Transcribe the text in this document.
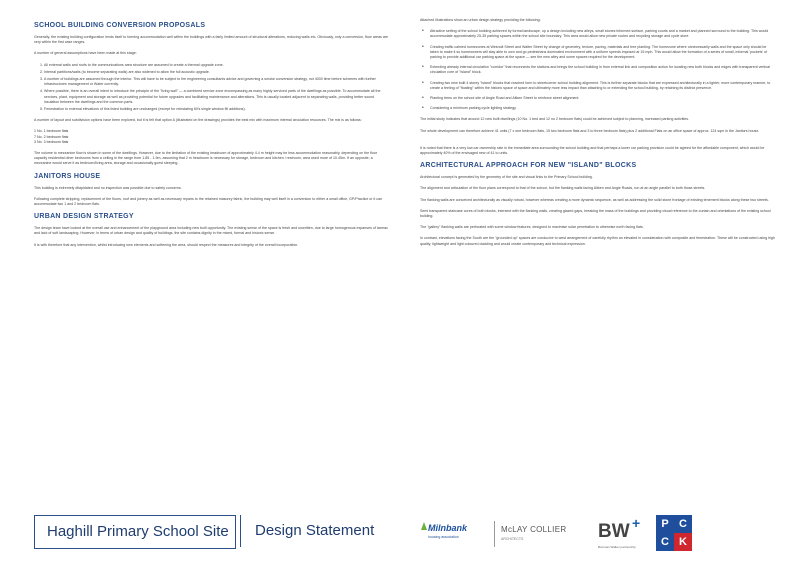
SCHOOL BUILDING CONVERSION PROPOSALS

Generally, the existing building configuration lends itself to forming accommodation well within the buildings with a fairly limited amount of structural alterations, reducing walls etc. Obviously, only a conversion, floor areas are very within the first case ranges.

A number of general assumptions have been made at this stage:

1. All external walls and roofs to the communications area structure are assumed to create a thermal upgrade zone.
2. Internal partitions/walls (to become separating walls) are also widened to allow the full acoustic upgrade.
3. A number of buildings are assumed through the interior. This will have to be subject to fire engineering consultants advice and governing a smoke conversion strategy, not 4000 time before schemes with further infrastructures management or Water currently.
4. Where possible, there is an overall intent to introduce the principle of the "living wall" — a combined service zone encompassing as many highly serviced parts of the dwellings as possible. To accommodate all the services, plant, equipment and storage as well as providing potential for future upgrades and facilitating maintenance and alterations. This is usually located adjacent to separating walls, providing better sound insulation between the dwellings and the common parts.
5. Fenestration to external elevations of this listed building are unchanged (except for reinstating 60's single window fill additions).

A number of layout and subdivision options have been explored, but it is felt that option A (illustrated on the drawings) provides the best mix with maximum internal circulation resources. The mix is as follows:

1 No. 1 bedroom flats
7 No. 2 bedroom flats
3 No. 3 bedroom flats

The volume to mezzanine flow is shown in some of the dwellings. However, due to the limitation of the existing headroom of approximately 4.4 m height may be less accommodation reasonably, depending on the floor capacity residential other bedrooms from a ceiling in the range from 1.85 - 1.9m, assuming that 2 m headroom is necessary for storage, bedroom and kitchen / restroom, area used more of 10.45m. If an opposite, a mezzanine would serve it as bedroom/living area, storage and occasionally guest sleeping.

JANITORS HOUSE

This building is extremely dilapidated and no inspection was possible due to safety concerns.

Following complete stripping, replacement of the floors, roof and joinery as well as necessary repairs to the retained masonry fabric, the building may well itself in a conversion to either a small office, GP/Practice or it can accommodate two 1 and 2 bedroom flats.

URBAN DESIGN STRATEGY

The design team have looked at the overall use and enhancement of the playground area including new built opportunity. The existing sense of the space is fresh and unwritten, due to large homogenous expanses of tarmac and lack of soft landscaping. However, in terms of urban design and quality of buildings, the site contains dignity in the mixed, formal and historic sense.

It is with therefore that any intervention, whilst introducing new elements and softening the area, should respect the measures and integrity of the overall incorporation.

Attached illustrations show an urban design strategy providing the following:

• Attractive setting of the school building achieved by formal landscape, up a design including new alleys, small stones informed surface, parking courts and a market and planned surround to the building. This would accommodate approximately 25-35 parking spaces within the school site boundary. This area would allow new private routes and recycling storage and cycle store.
• Creating traffic calmed homezones at Wesnolt Street and Walter Street by change of geometry, texture, paving, materials and tree planting. The homezone where unnecessarily walls and the space only should be taken to make it so homeowners will stay able to own and go pedestrians dominated environment with a uniform speeds imposed at 15 mph. This would allow the formation of a series of small, informal 'pockets' of parking to provide additional car parking space at the space — see the new alley and some spaces required for the development.
• Extending already internal circulation "corridor" that reconnects the stations and brings the school building in from external link and composition action for locating new both blocks and edges with transparent vertical circulation core of "island" block.
• Creating two new built 4 storey "island" blocks that reached form to streetcorner school building alignment. This is further separate blocks that are expressed architecturally in a lighter, more contemporary manner, to create a feeling of "floating" within the historic space of space and ultimately more less impact than attaching to or extending the school building, by retaining its distinct presence.
• Planting trees on the school site of Angie Road and Aitken Street to reinforce street alignment.
• Considering a minimum parking cycle lighting strategy.

The initial study indicates that around 12 new built dwellings (10 No. 1 bed and 12 no 2 bedroom flats) could be achieved subject to planning, increased parking activities.

The whole development can therefore achieve 41 units (7 x one bedroom flats, 15 two bedroom flats and 3 to three bedroom flats) plus 2 additional Flats on an office space of approx. 124 sqm in the Janitors house.

It is noted that there is a very low car ownership rate in the immediate area surrounding the school building and that perhaps a lower car parking provision could be agreed for the affordable component, which would be approximately 40% of the envisaged new of 41 to units.

ARCHITECTURAL APPROACH FOR NEW "ISLAND" BLOCKS

Architectural concept is generated by the geometry of the site and visual links to the Primary School building.

The alignment and articulation of the floor plans correspond to that of the school, but the flanking walls facing Aitken and Angie Roads, run at an angle parallel to both those streets.

The flanking walls are conceived architecturally as visually robust, however whereas creating a more dynamic sequence, as well as addressing the solid stone frontage of existing tenement blocks along these two streets.

Semi transparent staircase cores of both blocks, intersect with the flanking walls, creating glazed gaps, breaking the mass of the buildings and providing visual reference to the curtain and orientations of the existing school building.

The "gallery" flanking walls are perforated with some window features, designed to maximise solar penetration to otherwise north facing flats.

In contrast, elevations facing the South are the "grounded up" spaces are conducive to west arrangement of carefully rhythm an elevated in consideration with composite and fenestration. These will be constructed using high quality, lightweight and light coloured cladding and would create contemporary and technical expression.

Haghill Primary School Site Design Statement	Milnbank
housing association
McLAY COLLIER
ARCHITECTS	BW +
Bowman Walker partnership
P C
C K
